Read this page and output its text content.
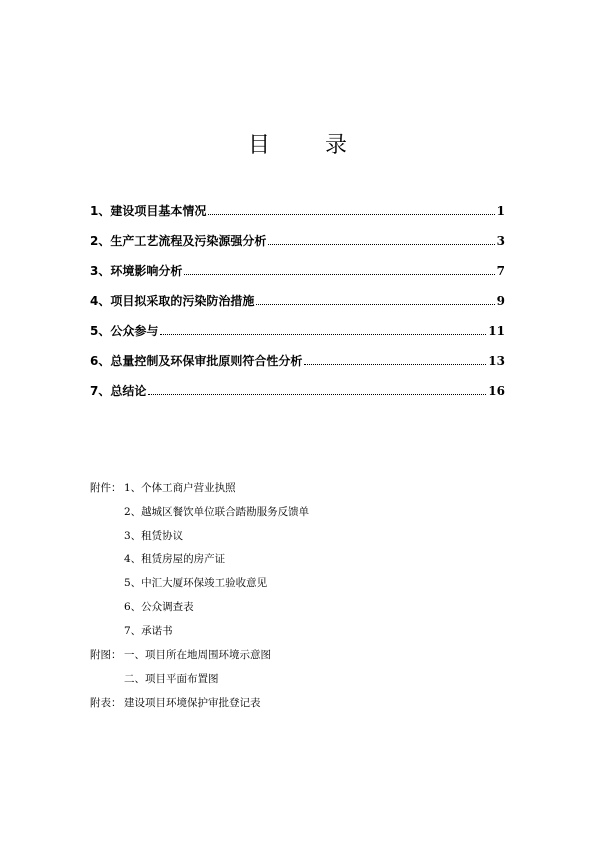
目 录
1、建设项目基本情况	1
2、生产工艺流程及污染源强分析	3
3、环境影响分析	7
4、项目拟采取的污染防治措施	9
5、公众参与	11
6、总量控制及环保审批原则符合性分析	13
7、总结论	16
附件： 1、个体工商户营业执照
2、越城区餐饮单位联合踏勘服务反馈单
3、租赁协议
4、租赁房屋的房产证
5、中汇大厦环保竣工验收意见
6、公众调查表
7、承诺书
附图： 一、项目所在地周围环境示意图
二、项目平面布置图
附表： 建设项目环境保护审批登记表
